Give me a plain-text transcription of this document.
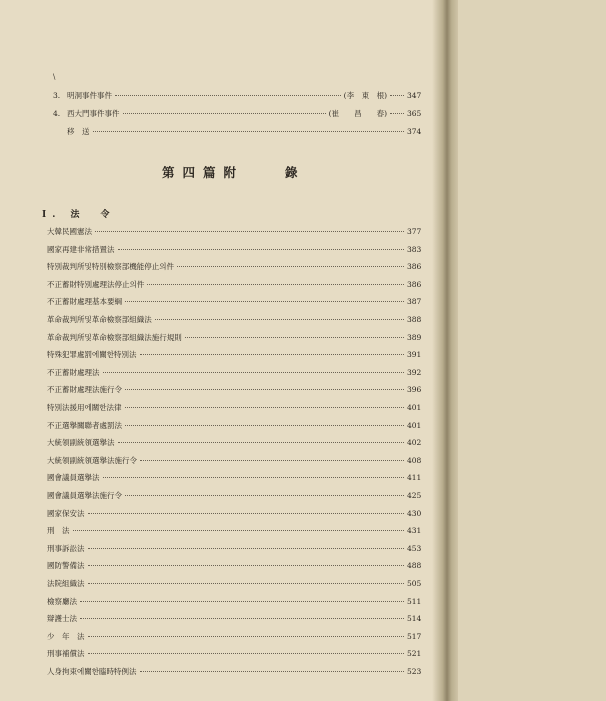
\
3. 明洞事件事件	(李　東　根)	347
4. 西大門事件事件	(崔　　昌　　春)	365
移　送	374
第四篇附　　錄
Ⅰ. 法　令
大韓民國憲法	377
國家再建非常措置法	383
特別裁判所및特別檢察部機能停止의件	386
不正蓄財特別處理法停止의件	386
不正蓄財處理基本要綱	387
革命裁判所및革命檢察部組織法	388
革命裁判所및革命檢察部組織法施行規則	389
特殊犯罪處罰에關한特別法	391
不正蓄財處理法	392
不正蓄財處理法施行令	396
特別法援用에關한法律	401
不正選擧關聯者處罰法	401
大統領副統領選擧法	402
大統領副統領選擧法施行令	408
國會議員選擧法	411
國會議員選擧法施行令	425
國家保安法	430
刑　法	431
刑事訴訟法	453
國防警備法	488
法院組織法	505
檢察廳法	511
辯護士法	514
少　年　法	517
刑事補償法	521
人身拘束에關한臨時特例法	523
